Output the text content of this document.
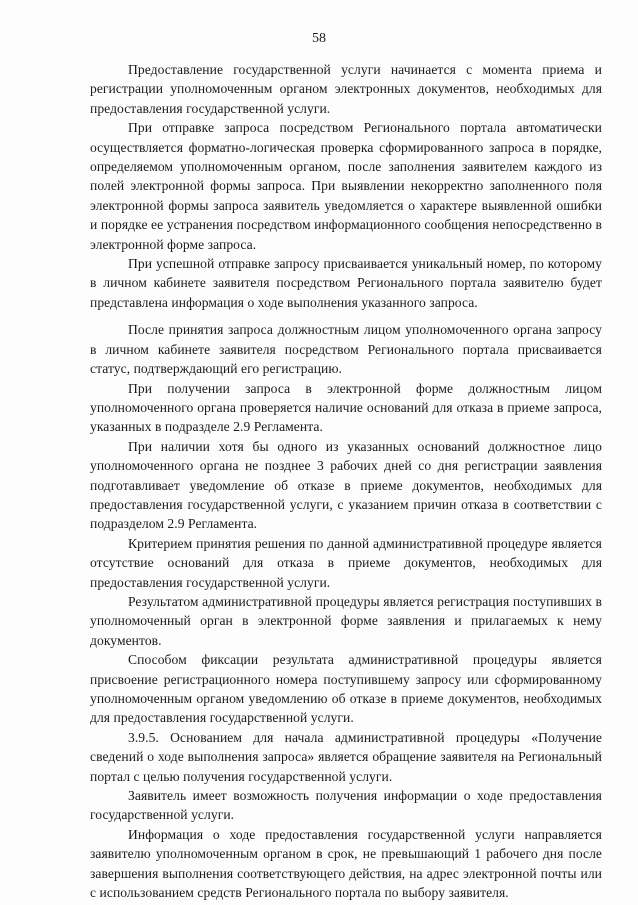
58

Предоставление государственной услуги начинается с момента приема и регистрации уполномоченным органом электронных документов, необходимых для предоставления государственной услуги.

При отправке запроса посредством Регионального портала автоматически осуществляется форматно-логическая проверка сформированного запроса в порядке, определяемом уполномоченным органом, после заполнения заявителем каждого из полей электронной формы запроса. При выявлении некорректно заполненного поля электронной формы запроса заявитель уведомляется о характере выявленной ошибки и порядке ее устранения посредством информационного сообщения непосредственно в электронной форме запроса.

При успешной отправке запросу присваивается уникальный номер, по которому в личном кабинете заявителя посредством Регионального портала заявителю будет представлена информация о ходе выполнения указанного запроса.

После принятия запроса должностным лицом уполномоченного органа запросу в личном кабинете заявителя посредством Регионального портала присваивается статус, подтверждающий его регистрацию.

При получении запроса в электронной форме должностным лицом уполномоченного органа проверяется наличие оснований для отказа в приеме запроса, указанных в подразделе 2.9 Регламента.

При наличии хотя бы одного из указанных оснований должностное лицо уполномоченного органа не позднее 3 рабочих дней со дня регистрации заявления подготавливает уведомление об отказе в приеме документов, необходимых для предоставления государственной услуги, с указанием причин отказа в соответствии с подразделом 2.9 Регламента.

Критерием принятия решения по данной административной процедуре является отсутствие оснований для отказа в приеме документов, необходимых для предоставления государственной услуги.

Результатом административной процедуры является регистрация поступивших в уполномоченный орган в электронной форме заявления и прилагаемых к нему документов.

Способом фиксации результата административной процедуры является присвоение регистрационного номера поступившему запросу или сформированному уполномоченным органом уведомлению об отказе в приеме документов, необходимых для предоставления государственной услуги.

3.9.5. Основанием для начала административной процедуры «Получение сведений о ходе выполнения запроса» является обращение заявителя на Региональный портал с целью получения государственной услуги.

Заявитель имеет возможность получения информации о ходе предоставления государственной услуги.

Информация о ходе предоставления государственной услуги направляется заявителю уполномоченным органом в срок, не превышающий 1 рабочего дня после завершения выполнения соответствующего действия, на адрес электронной почты или с использованием средств Регионального портала по выбору заявителя.
